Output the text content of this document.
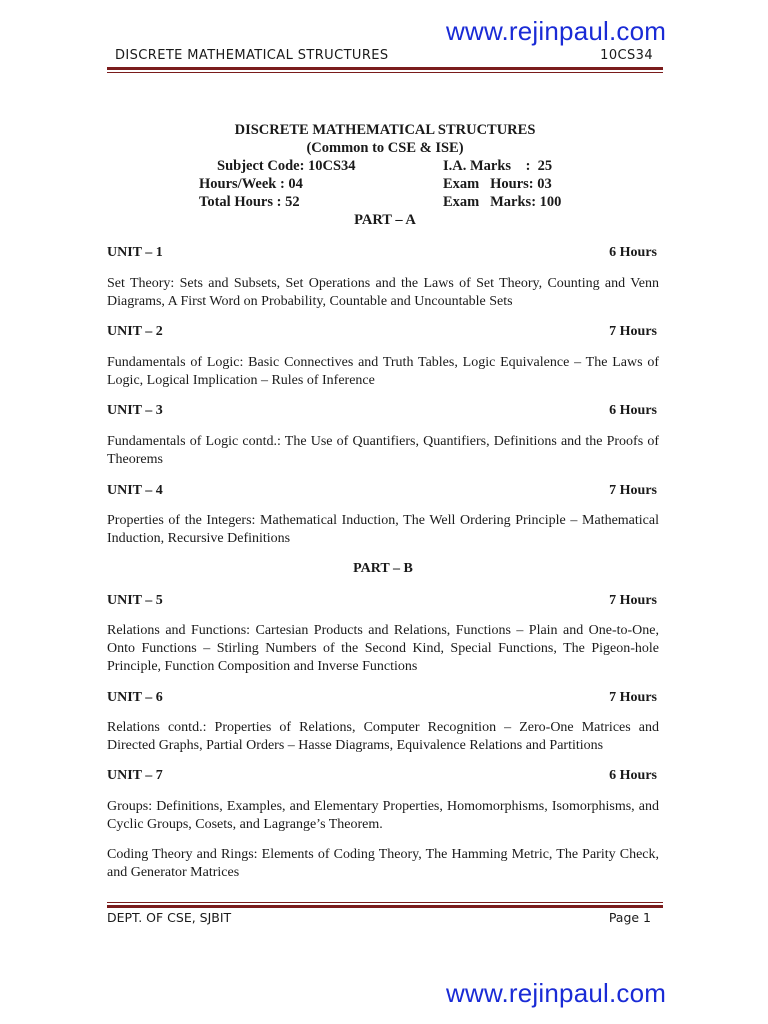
www.rejinpaul.com
DISCRETE MATHEMATICAL STRUCTURES	10CS34
DISCRETE MATHEMATICAL STRUCTURES
(Common to CSE & ISE)
Subject Code: 10CS34	I.A. Marks    :  25
Hours/Week : 04	Exam   Hours: 03
Total Hours : 52	Exam   Marks: 100
PART – A
UNIT – 1	6 Hours
Set Theory: Sets and Subsets, Set Operations and the Laws of Set Theory, Counting and Venn Diagrams, A First Word on Probability, Countable and Uncountable Sets
UNIT – 2	7 Hours
Fundamentals of Logic: Basic Connectives and Truth Tables, Logic Equivalence – The Laws of Logic, Logical Implication – Rules of Inference
UNIT – 3	6 Hours
Fundamentals of Logic contd.: The Use of Quantifiers, Quantifiers, Definitions and the Proofs of Theorems
UNIT – 4	7 Hours
Properties of the Integers: Mathematical Induction, The Well Ordering Principle – Mathematical Induction, Recursive Definitions
PART – B
UNIT – 5	7 Hours
Relations and Functions: Cartesian Products and Relations, Functions – Plain and One-to-One, Onto Functions – Stirling Numbers of the Second Kind, Special Functions, The Pigeon-hole Principle, Function Composition and Inverse Functions
UNIT – 6	7 Hours
Relations contd.: Properties of Relations, Computer Recognition – Zero-One Matrices and Directed Graphs, Partial Orders – Hasse Diagrams, Equivalence Relations and Partitions
UNIT – 7	6 Hours
Groups: Definitions, Examples, and Elementary Properties, Homomorphisms, Isomorphisms, and Cyclic Groups, Cosets, and Lagrange’s Theorem.
Coding Theory and Rings: Elements of Coding Theory, The Hamming Metric, The Parity Check, and Generator Matrices
DEPT. OF CSE, SJBIT	Page 1
www.rejinpaul.com
